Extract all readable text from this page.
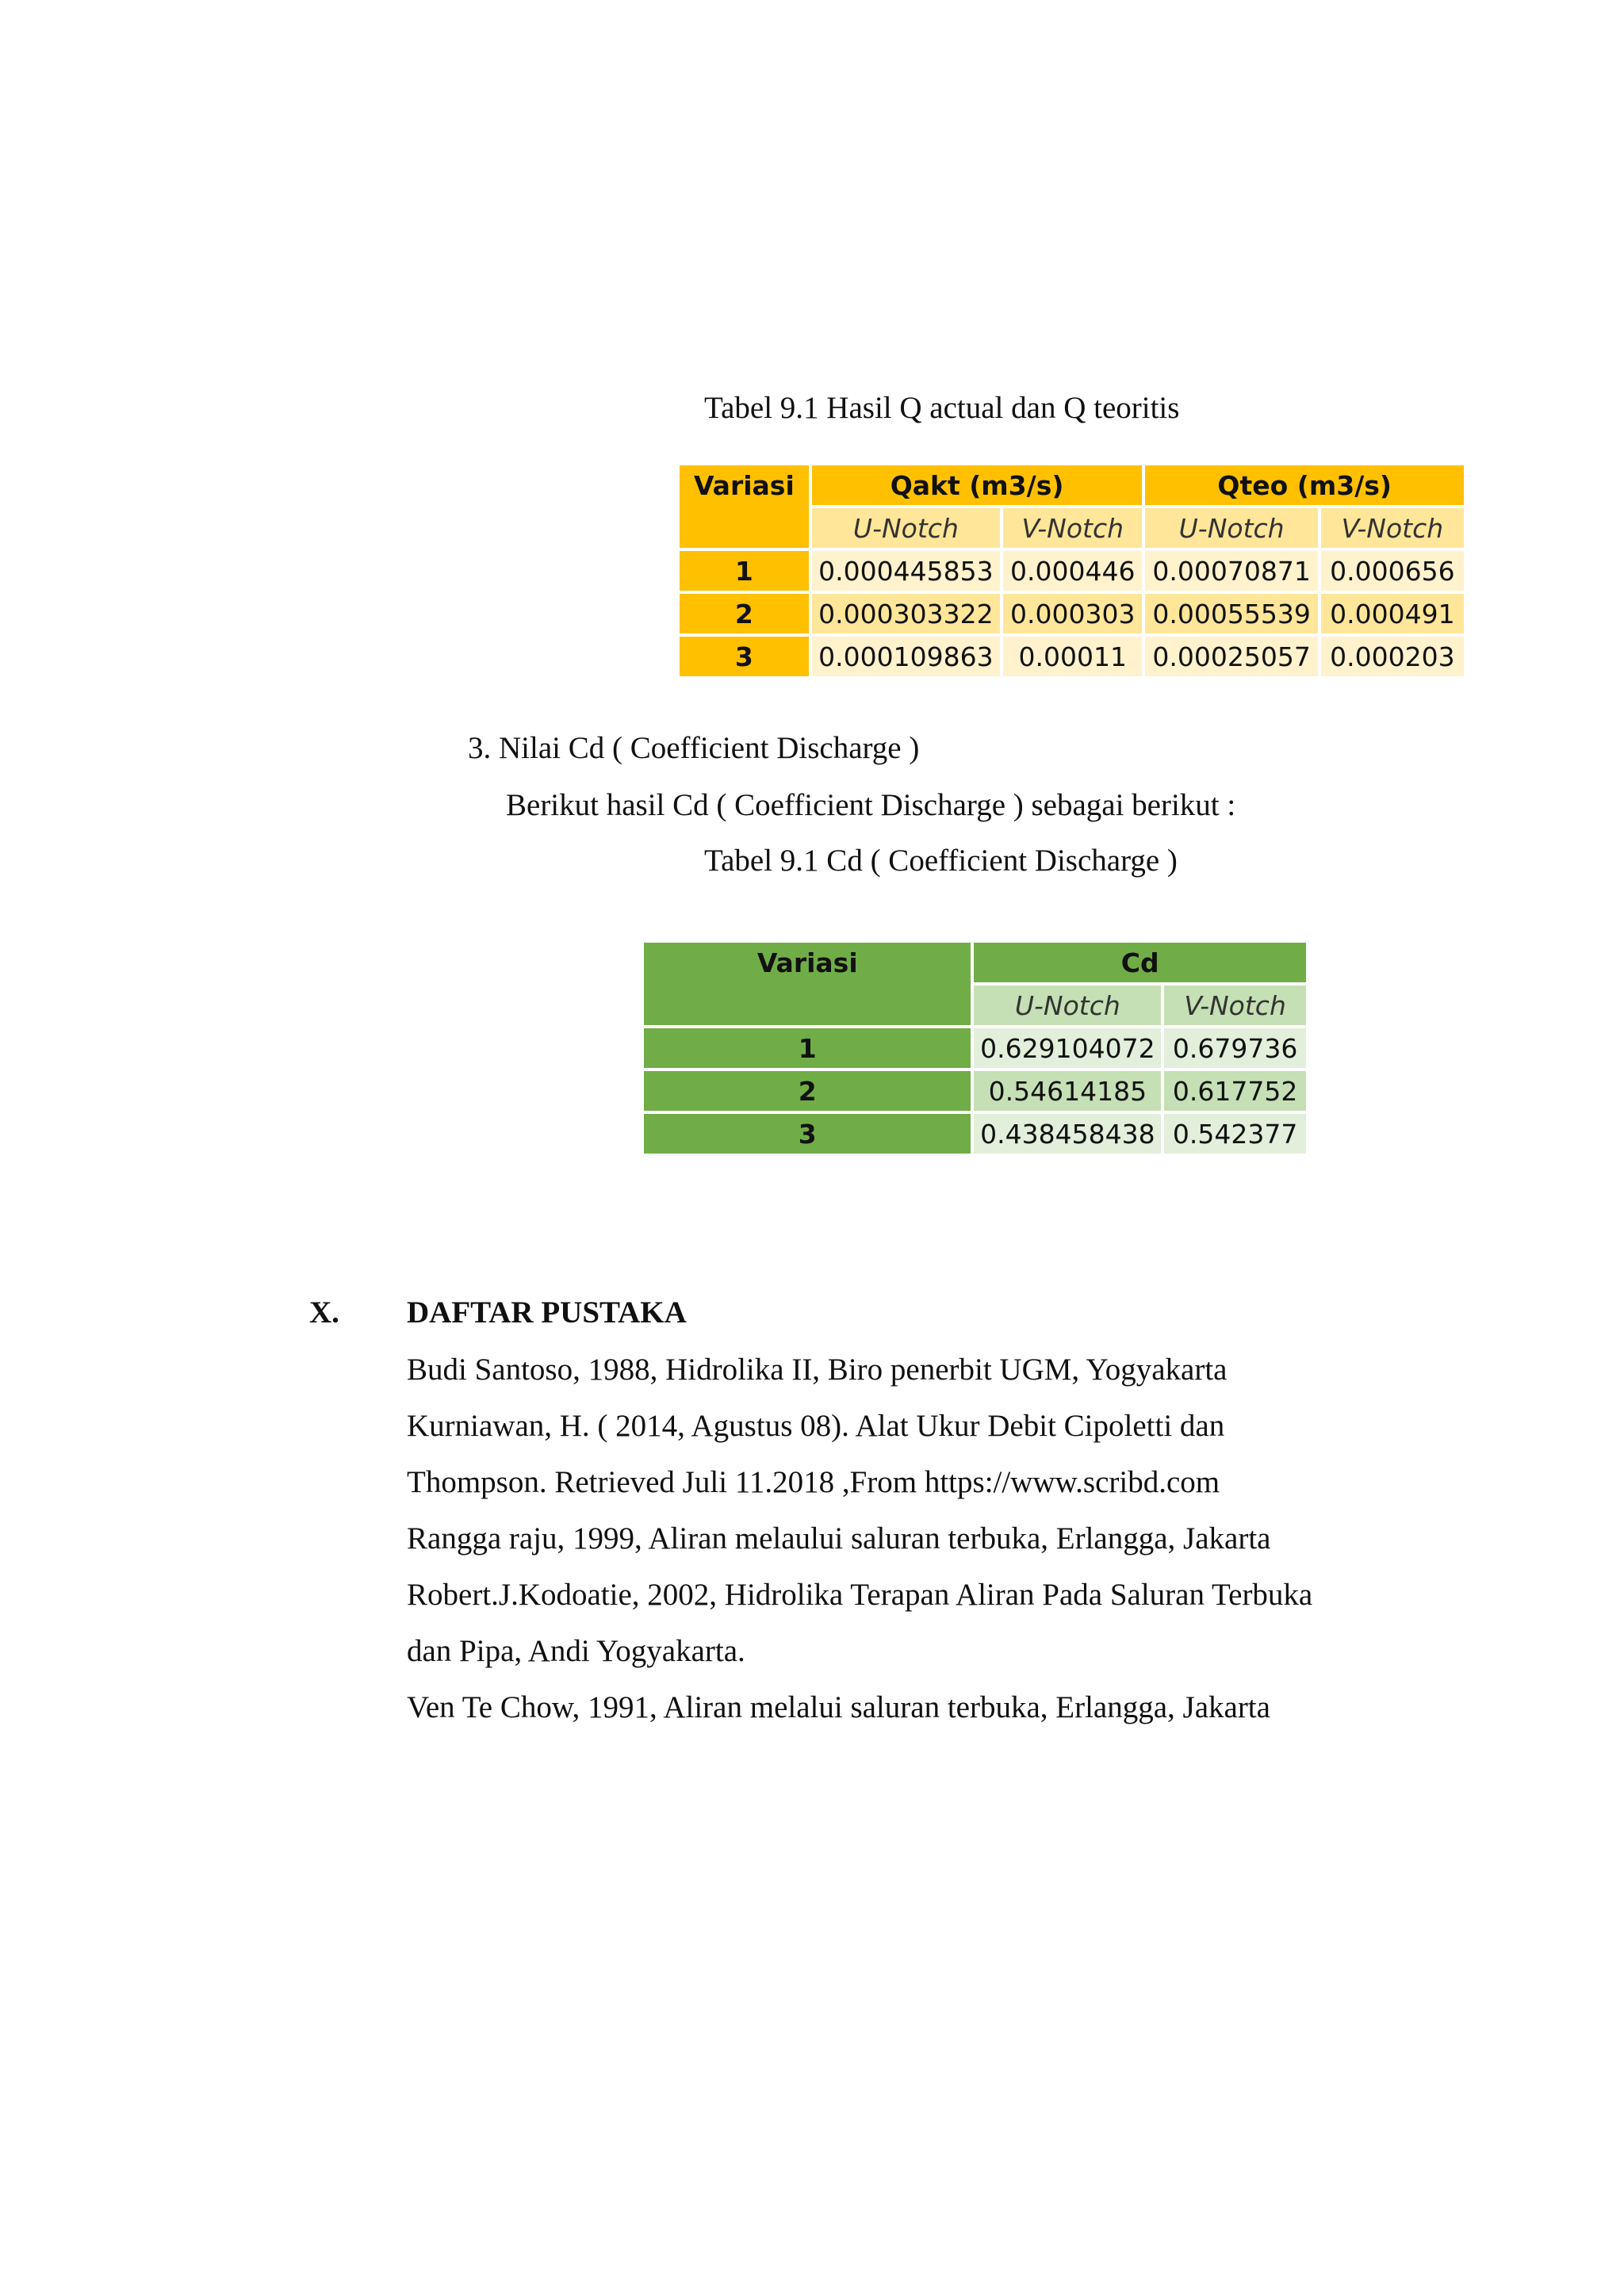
Tabel 9.1 Hasil Q actual dan Q teoritis
Variasi	Qakt (m3/s)		Qteo (m3/s)	
	U-Notch	V-Notch	U-Notch	V-Notch
1	0.000445853	0.000446	0.00070871	0.000656
2	0.000303322	0.000303	0.00055539	0.000491
3	0.000109863	0.00011	0.00025057	0.000203
3. Nilai Cd ( Coefficient Discharge )
Berikut hasil Cd ( Coefficient Discharge ) sebagai berikut :
Tabel 9.1 Cd ( Coefficient Discharge )
Variasi	Cd	
	U-Notch	V-Notch
1	0.629104072	0.679736
2	0.54614185	0.617752
3	0.438458438	0.542377
X. DAFTAR PUSTAKA
Budi Santoso, 1988, Hidrolika II, Biro penerbit UGM, Yogyakarta
Kurniawan, H. ( 2014, Agustus 08). Alat Ukur Debit Cipoletti dan
Thompson. Retrieved Juli 11.2018 ,From https://www.scribd.com
Rangga raju, 1999, Aliran melaului saluran terbuka, Erlangga, Jakarta
Robert.J.Kodoatie, 2002, Hidrolika Terapan Aliran Pada Saluran Terbuka
dan Pipa, Andi Yogyakarta.
Ven Te Chow, 1991, Aliran melalui saluran terbuka, Erlangga, Jakarta
